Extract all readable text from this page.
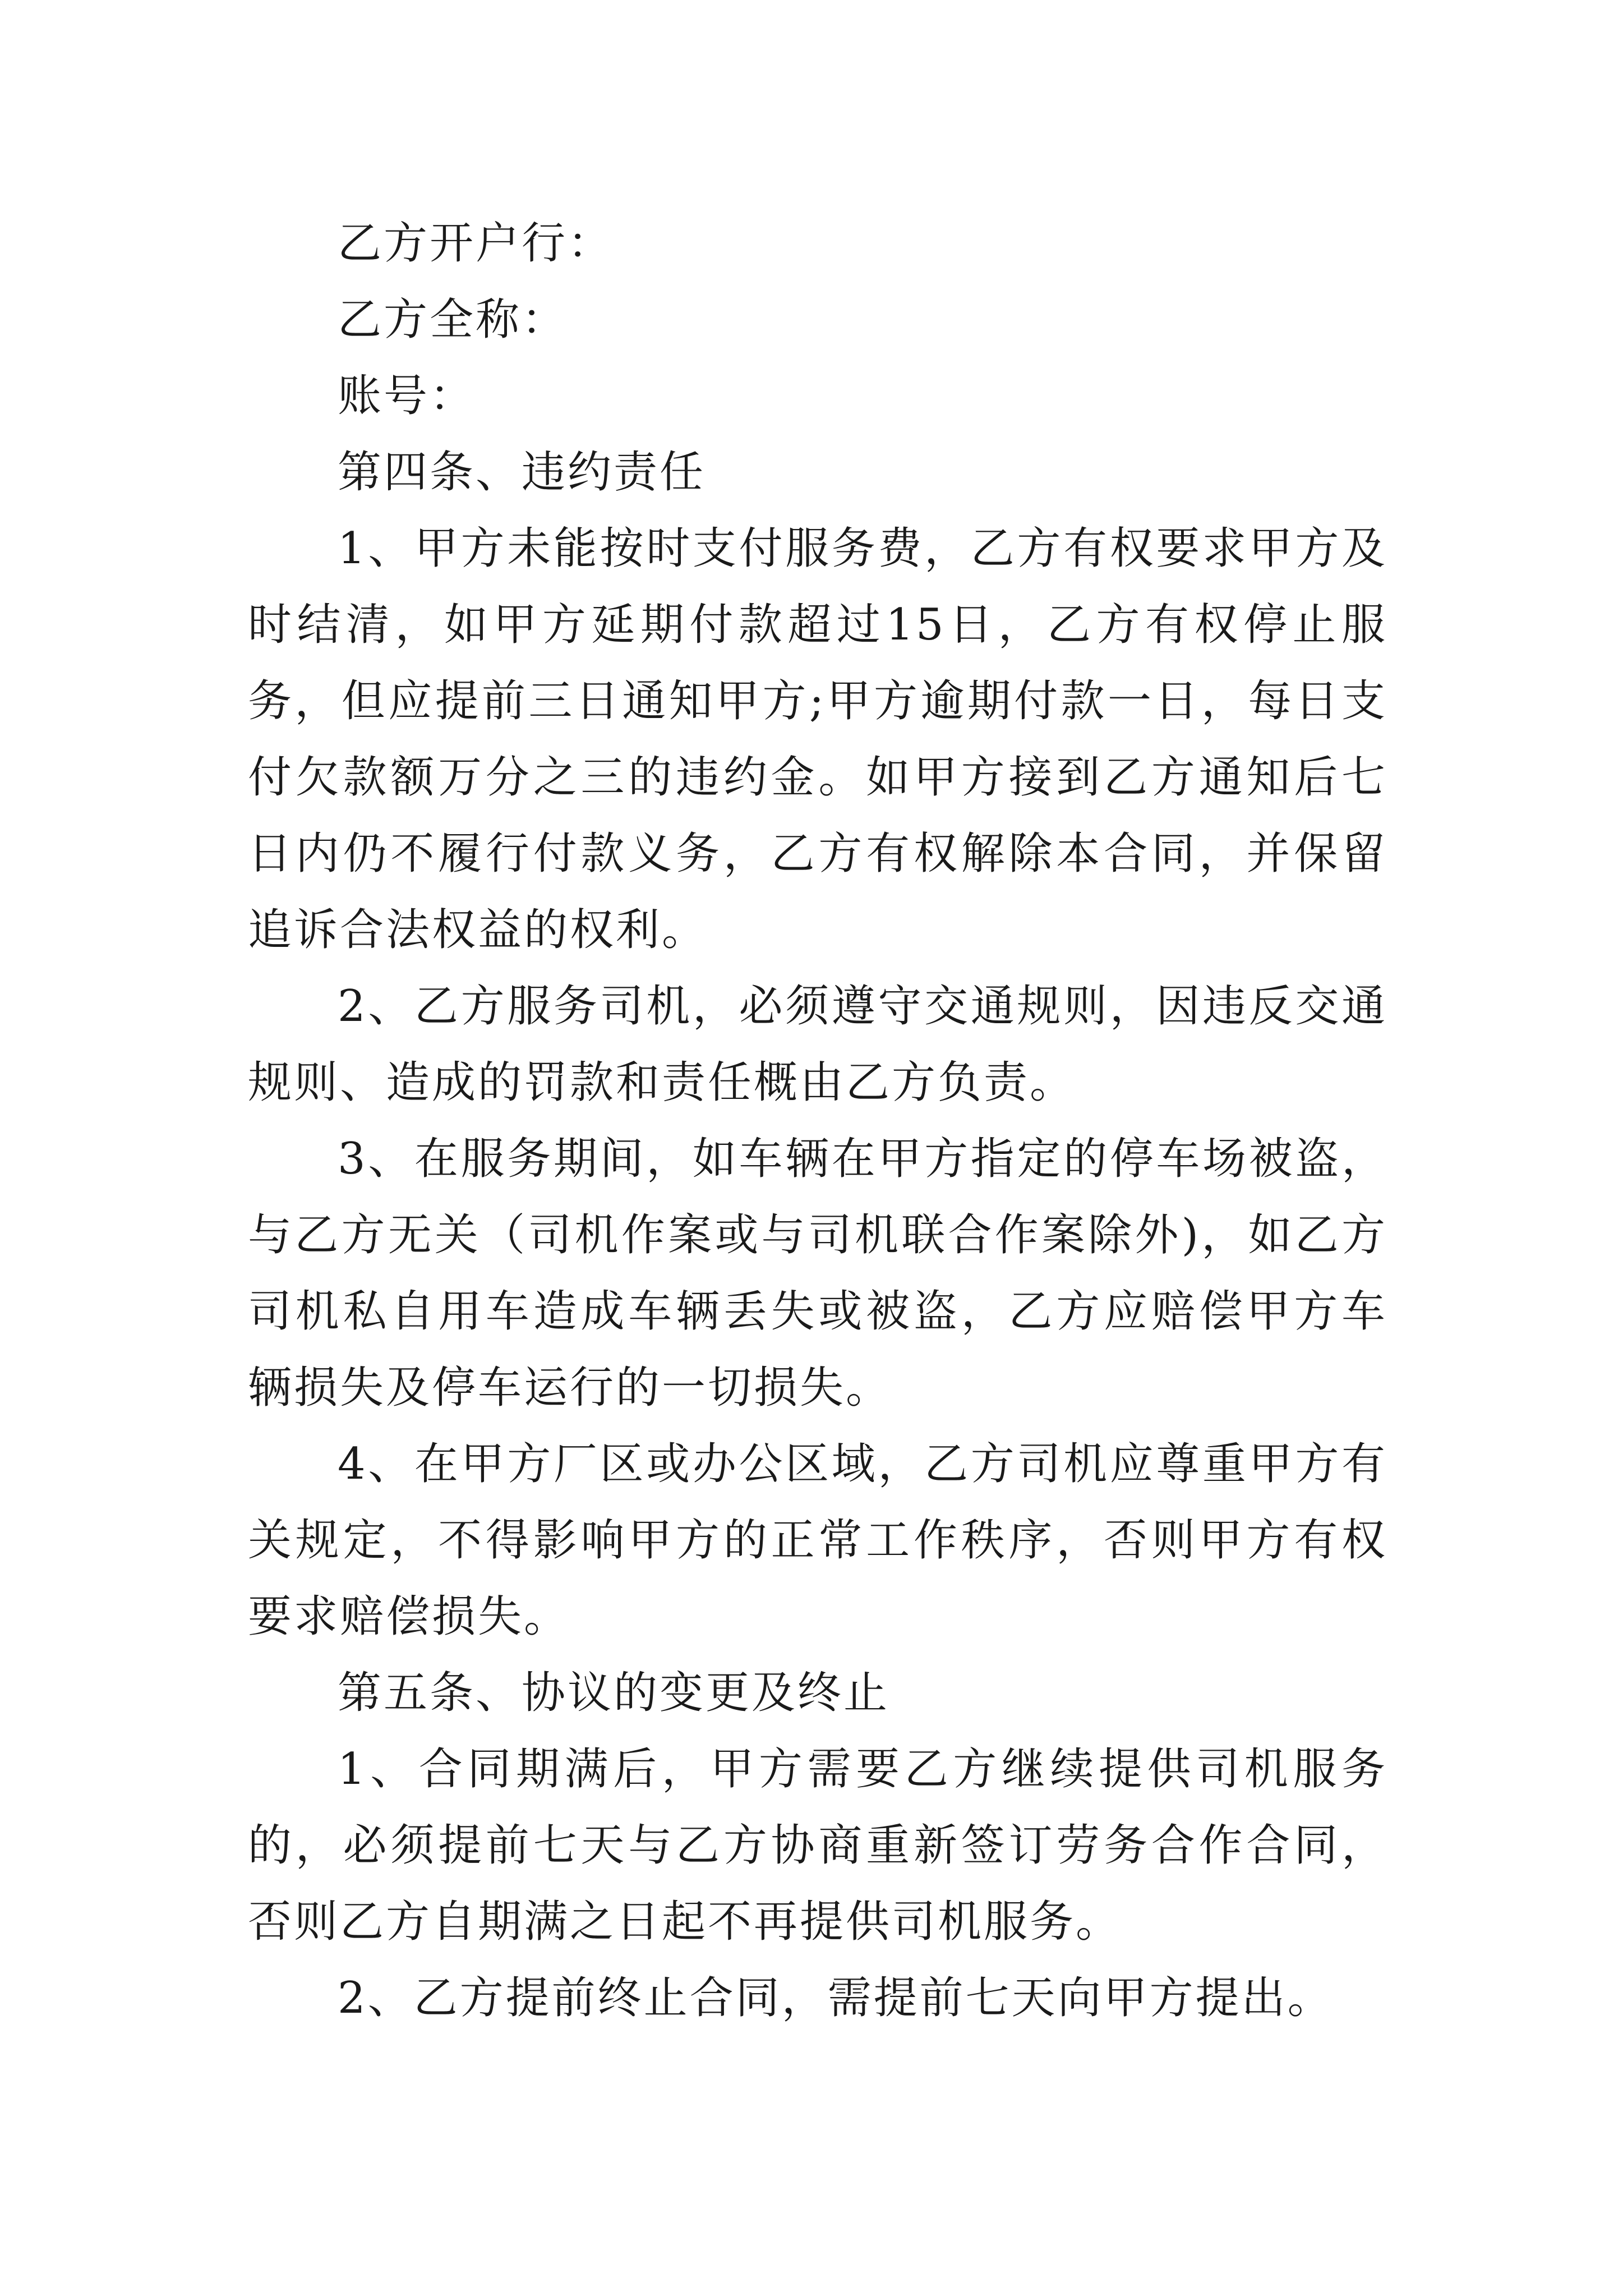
乙方开户行：

乙方全称：

账号：

第四条、违约责任

1、甲方未能按时支付服务费，乙方有权要求甲方及时结清，如甲方延期付款超过15日，乙方有权停止服务，但应提前三日通知甲方;甲方逾期付款一日，每日支付欠款额万分之三的违约金。如甲方接到乙方通知后七日内仍不履行付款义务，乙方有权解除本合同，并保留追诉合法权益的权利。

2、乙方服务司机，必须遵守交通规则，因违反交通规则、造成的罚款和责任概由乙方负责。

3、在服务期间，如车辆在甲方指定的停车场被盗，与乙方无关（司机作案或与司机联合作案除外)，如乙方司机私自用车造成车辆丢失或被盗，乙方应赔偿甲方车辆损失及停车运行的一切损失。

4、在甲方厂区或办公区域，乙方司机应尊重甲方有关规定，不得影响甲方的正常工作秩序，否则甲方有权要求赔偿损失。

第五条、协议的变更及终止

1、合同期满后，甲方需要乙方继续提供司机服务的，必须提前七天与乙方协商重新签订劳务合作合同，否则乙方自期满之日起不再提供司机服务。

2、乙方提前终止合同，需提前七天向甲方提出。
